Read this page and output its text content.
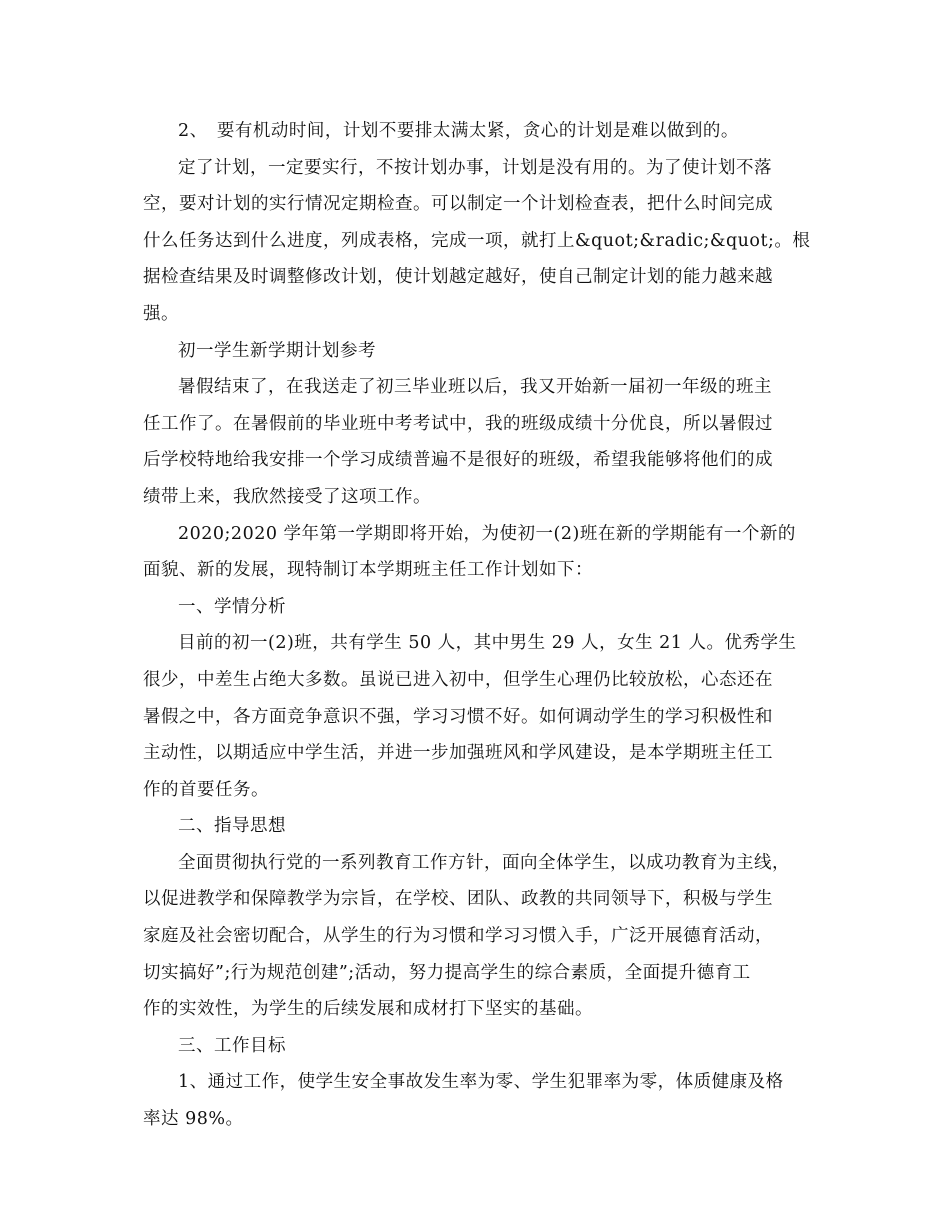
2、　要有机动时间，计划不要排太满太紧，贪心的计划是难以做到的。
定了计划，一定要实行，不按计划办事，计划是没有用的。为了使计划不落
空，要对计划的实行情况定期检查。可以制定一个计划检查表，把什么时间完成
什么任务达到什么进度，列成表格，完成一项，就打上&quot;&radic;&quot;。根
据检查结果及时调整修改计划，使计划越定越好，使自己制定计划的能力越来越
强。
初一学生新学期计划参考
暑假结束了，在我送走了初三毕业班以后，我又开始新一届初一年级的班主
任工作了。在暑假前的毕业班中考考试中，我的班级成绩十分优良，所以暑假过
后学校特地给我安排一个学习成绩普遍不是很好的班级，希望我能够将他们的成
绩带上来，我欣然接受了这项工作。
2020;2020 学年第一学期即将开始，为使初一(2)班在新的学期能有一个新的
面貌、新的发展，现特制订本学期班主任工作计划如下：
一、学情分析
目前的初一(2)班，共有学生 50 人，其中男生 29 人，女生 21 人。优秀学生
很少，中差生占绝大多数。虽说已进入初中，但学生心理仍比较放松，心态还在
暑假之中，各方面竞争意识不强，学习习惯不好。如何调动学生的学习积极性和
主动性，以期适应中学生活，并进一步加强班风和学风建设，是本学期班主任工
作的首要任务。
二、指导思想
全面贯彻执行党的一系列教育工作方针，面向全体学生，以成功教育为主线，
以促进教学和保障教学为宗旨，在学校、团队、政教的共同领导下，积极与学生
家庭及社会密切配合，从学生的行为习惯和学习习惯入手，广泛开展德育活动，
切实搞好”;行为规范创建”;活动，努力提高学生的综合素质，全面提升德育工
作的实效性，为学生的后续发展和成材打下坚实的基础。
三、工作目标
1、通过工作，使学生安全事故发生率为零、学生犯罪率为零，体质健康及格
率达 98%。
